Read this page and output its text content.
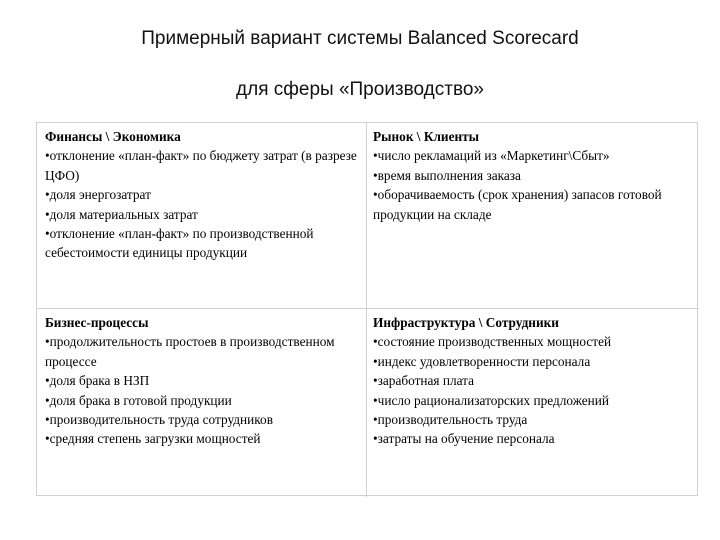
Примерный вариант системы Balanced Scorecard
для сферы «Производство»
Финансы \ Экономика
•отклонение «план-факт» по бюджету затрат (в разрезе ЦФО)
•доля энергозатрат
•доля материальных затрат
•отклонение «план-факт» по производственной себестоимости единицы продукции
Рынок \ Клиенты
•число рекламаций из «Маркетинг\Сбыт»
•время выполнения заказа
•оборачиваемость (срок хранения) запасов готовой продукции на складе
Бизнес-процессы
•продолжительность простоев в производственном процессе
•доля брака в НЗП
•доля брака в готовой продукции
•производительность труда сотрудников
•средняя степень загрузки мощностей
Инфраструктура \ Сотрудники
•состояние производственных мощностей
•индекс удовлетворенности персонала
•заработная плата
•число рационализаторских предложений
•производительность труда
•затраты на обучение персонала
